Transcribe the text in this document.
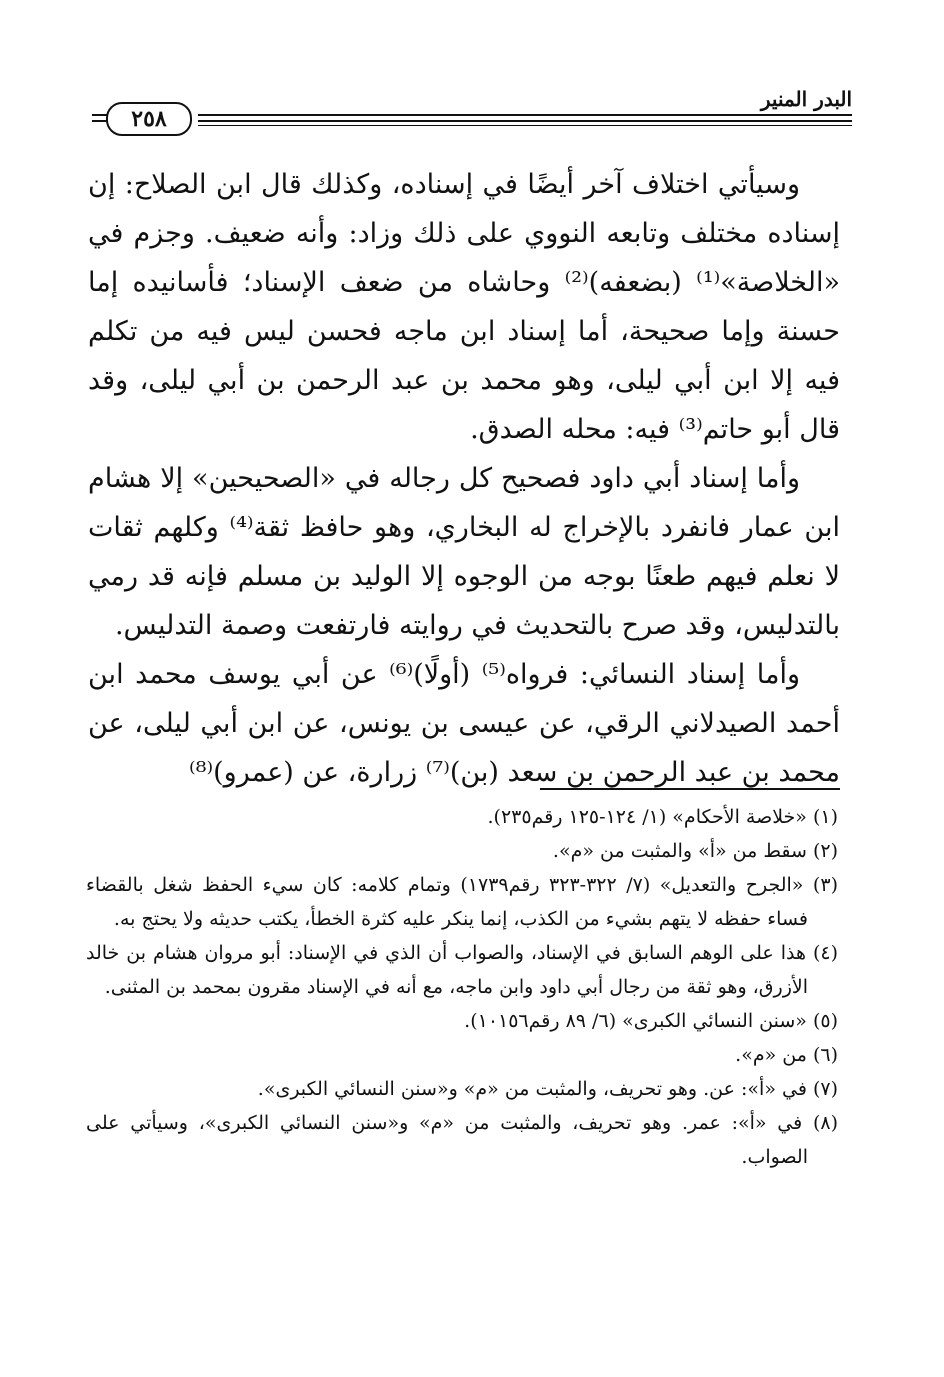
البدر المنير
٢٥٨

وسيأتي اختلاف آخر أيضًا في إسناده، وكذلك قال ابن الصلاح: إن إسناده مختلف وتابعه النووي على ذلك وزاد: وأنه ضعيف. وجزم في «الخلاصة»⁽¹⁾ (بضعفه)⁽²⁾ وحاشاه من ضعف الإسناد؛ فأسانيده إما حسنة وإما صحيحة، أما إسناد ابن ماجه فحسن ليس فيه من تكلم فيه إلا ابن أبي ليلى، وهو محمد بن عبد الرحمن بن أبي ليلى، وقد قال أبو حاتم⁽³⁾ فيه: محله الصدق.

وأما إسناد أبي داود فصحيح كل رجاله في «الصحيحين» إلا هشام ابن عمار فانفرد بالإخراج له البخاري، وهو حافظ ثقة⁽⁴⁾ وكلهم ثقات لا نعلم فيهم طعنًا بوجه من الوجوه إلا الوليد بن مسلم فإنه قد رمي بالتدليس، وقد صرح بالتحديث في روايته فارتفعت وصمة التدليس.

وأما إسناد النسائي: فرواه⁽⁵⁾ (أولًا)⁽⁶⁾ عن أبي يوسف محمد ابن أحمد الصيدلاني الرقي، عن عيسى بن يونس، عن ابن أبي ليلى، عن محمد بن عبد الرحمن بن سعد (بن)⁽⁷⁾ زرارة، عن (عمرو)⁽⁸⁾

(١) «خلاصة الأحكام» (١/ ١٢٤-١٢٥ رقم٢٣٥).

(٢) سقط من «أ» والمثبت من «م».

(٣) «الجرح والتعديل» (٧/ ٣٢٢-٣٢٣ رقم١٧٣٩) وتمام كلامه: كان سيء الحفظ شغل بالقضاء فساء حفظه لا يتهم بشيء من الكذب، إنما ينكر عليه كثرة الخطأ، يكتب حديثه ولا يحتج به.

(٤) هذا على الوهم السابق في الإسناد، والصواب أن الذي في الإسناد: أبو مروان هشام بن خالد الأزرق، وهو ثقة من رجال أبي داود وابن ماجه، مع أنه في الإسناد مقرون بمحمد بن المثنى.

(٥) «سنن النسائي الكبرى» (٦/ ٨٩ رقم١٠١٥٦).

(٦) من «م».

(٧) في «أ»: عن. وهو تحريف، والمثبت من «م» و«سنن النسائي الكبرى».

(٨) في «أ»: عمر. وهو تحريف، والمثبت من «م» و«سنن النسائي الكبرى»، وسيأتي على الصواب.
